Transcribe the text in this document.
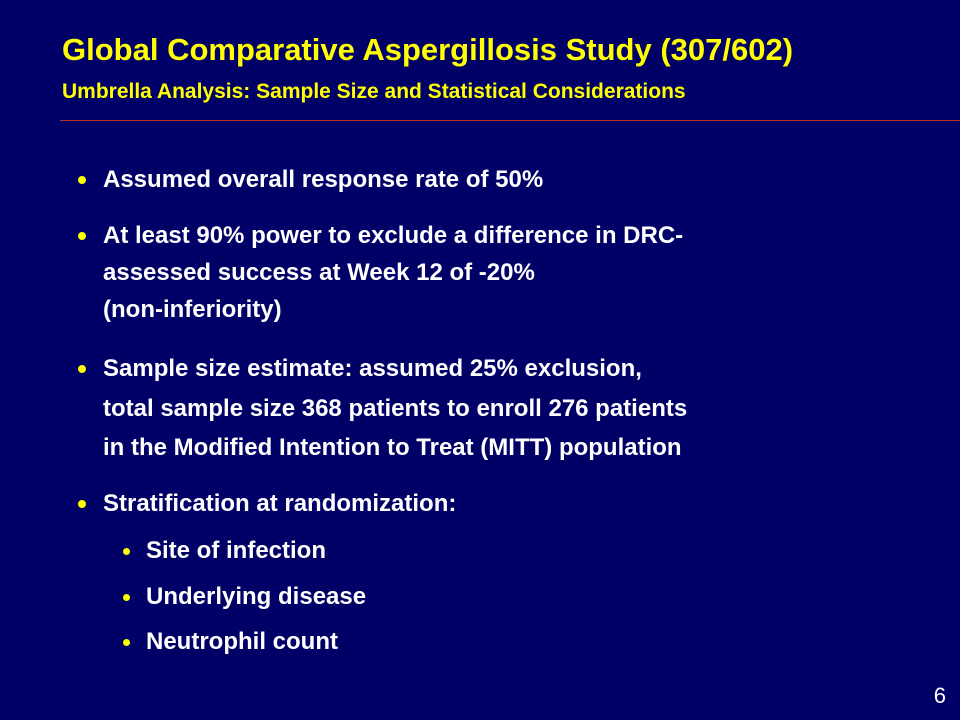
Global Comparative Aspergillosis Study (307/602)
Umbrella Analysis: Sample Size and Statistical Considerations
Assumed overall response rate of 50%
At least 90% power to exclude a difference in DRC-
assessed success at Week 12 of -20%
(non-inferiority)
Sample size estimate: assumed 25% exclusion,
total sample size 368 patients to enroll 276 patients
in the Modified Intention to Treat (MITT) population
Stratification at randomization:
Site of infection
Underlying disease
Neutrophil count
6
